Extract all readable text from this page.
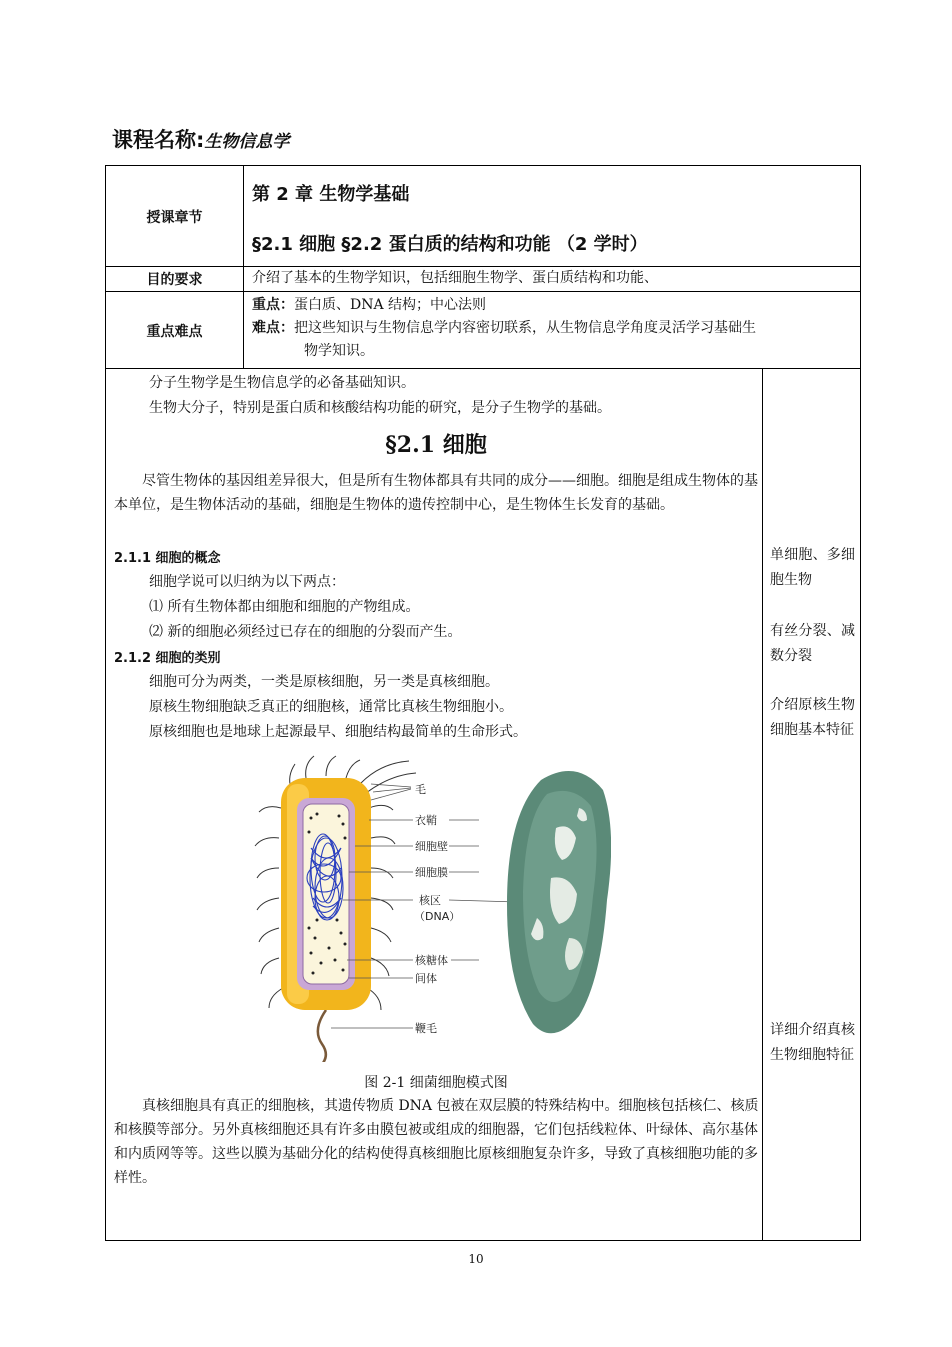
课程名称:生物信息学
授课章节
第 2 章 生物学基础
§2.1 细胞 §2.2 蛋白质的结构和功能 （2 学时）
目的要求	介绍了基本的生物学知识，包括细胞生物学、蛋白质结构和功能、
重点难点
重点：蛋白质、DNA 结构；中心法则
难点：把这些知识与生物信息学内容密切联系，从生物信息学角度灵活学习基础生
物学知识。
分子生物学是生物信息学的必备基础知识。
生物大分子，特别是蛋白质和核酸结构功能的研究，是分子生物学的基础。
§2.1 细胞
尽管生物体的基因组差异很大，但是所有生物体都具有共同的成分——细胞。细胞是组成生物体的基本单位，是生物体活动的基础，细胞是生物体的遗传控制中心，是生物体生长发育的基础。
2.1.1 细胞的概念
细胞学说可以归纳为以下两点：
⑴ 所有生物体都由细胞和细胞的产物组成。
⑵ 新的细胞必须经过已存在的细胞的分裂而产生。
2.1.2 细胞的类别
细胞可分为两类，一类是原核细胞，另一类是真核细胞。
原核生物细胞缺乏真正的细胞核，通常比真核生物细胞小。
原核细胞也是地球上起源最早、细胞结构最简单的生命形式。
毛
衣鞘
细胞壁
细胞膜
核区
（DNA）
核糖体
间体
鞭毛
图 2-1 细菌细胞模式图
真核细胞具有真正的细胞核，其遗传物质 DNA 包被在双层膜的特殊结构中。细胞核包括核仁、核质和核膜等部分。另外真核细胞还具有许多由膜包被或组成的细胞器，它们包括线粒体、叶绿体、高尔基体和内质网等等。这些以膜为基础分化的结构使得真核细胞比原核细胞复杂许多，导致了真核细胞功能的多样性。
单细胞、多细胞生物
有丝分裂、减数分裂
介绍原核生物细胞基本特征
详细介绍真核生物细胞特征
10
